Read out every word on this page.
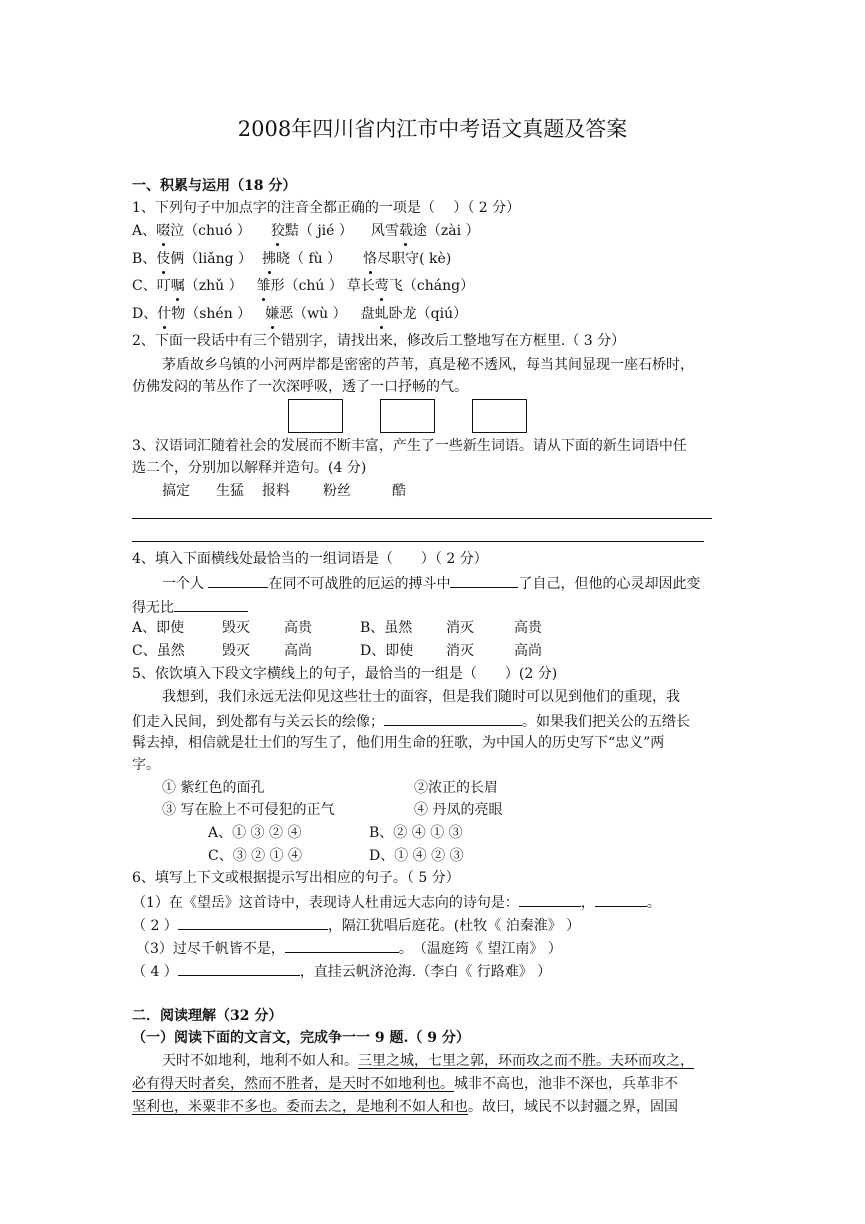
2008年四川省内江市中考语文真题及答案
一、积累与运用（18 分）
1、下列句子中加点字的注音全都正确的一项是（　 ）（ 2 分）
A、啜泣（chuó ） 狡黠（ jié ） 风雪载途（zài ）
B、伎俩（liǎng ） 拂晓（ fù ） 恪尽职守( kè)
C、叮嘱（zhǔ ） 雏形（chú ） 草长莺飞（cháng）
D、什物（shén ） 嫌恶（wù ） 盘虬卧龙（qiú）
2、下面一段话中有三个错别字，请找出来，修改后工整地写在方框里.（ 3 分）
茅盾故乡乌镇的小河两岸都是密密的芦苇，真是秘不透风，每当其间显现一座石桥时，
仿佛发闷的苇丛作了一次深呼吸，透了一口抒畅的气。
3、汉语词汇随着社会的发展而不断丰富，产生了一些新生词语。请从下面的新生词语中任
选二个，分别加以解释并造句。(4 分)
搞定 生猛 报料 粉丝	酷
4、填入下面横线处最恰当的一组词语是（　　）（ 2 分）
一个人	在同不可战胜的厄运的搏斗中	了自己，但他的心灵却因此变
得无比
A、即使	毁灭 高贵	B、虽然 消灭	高贵
C、虽然	毁灭 高尚	D、即使 消灭	高尚
5、依饮填入下段文字横线上的句子，最恰当的一组是（　　）(2 分)
我想到，我们永远无法仰见这些壮士的面容，但是我们随时可以见到他们的重现，我
们走入民间，到处都有与关云长的绘像；	。如果我们把关公的五绺长
髯去掉，相信就是壮士们的写生了，他们用生命的狂歌，为中国人的历史写下“忠义”两
字。
① 紫红色的面孔	②浓正的长眉
③ 写在脸上不可侵犯的正气	④ 丹凤的亮眼
A、① ③ ② ④	B、② ④ ① ③
C、③ ② ① ④	D、① ④ ② ③
6、填写上下文或根据提示写出相应的句子。（ 5 分）
（1）在《望岳》这首诗中，表现诗人杜甫远大志向的诗句是：	，	。
（ 2 ）	，隔江犹唱后庭花。(杜牧《 泊秦淮》 ）
（3）过尽千帆皆不是，	。　（温庭筠《 望江南》 ）
（ 4 ）	，直挂云帆济沧海.（李白《 行路难》 ）
二．阅读理解（32 分）
（一）阅读下面的文言文，完成争一一 9 题.（ 9 分）
天时不如地利，地利不如人和。三里之城，七里之郭，环而攻之而不胜。夫环而攻之，
必有得天时者矣，然而不胜者，是天时不如地利也。城非不高也，池非不深也，兵革非不
坚利也，米粟非不多也。委而去之，是地利不如人和也。故曰，域民不以封疆之界，固国
